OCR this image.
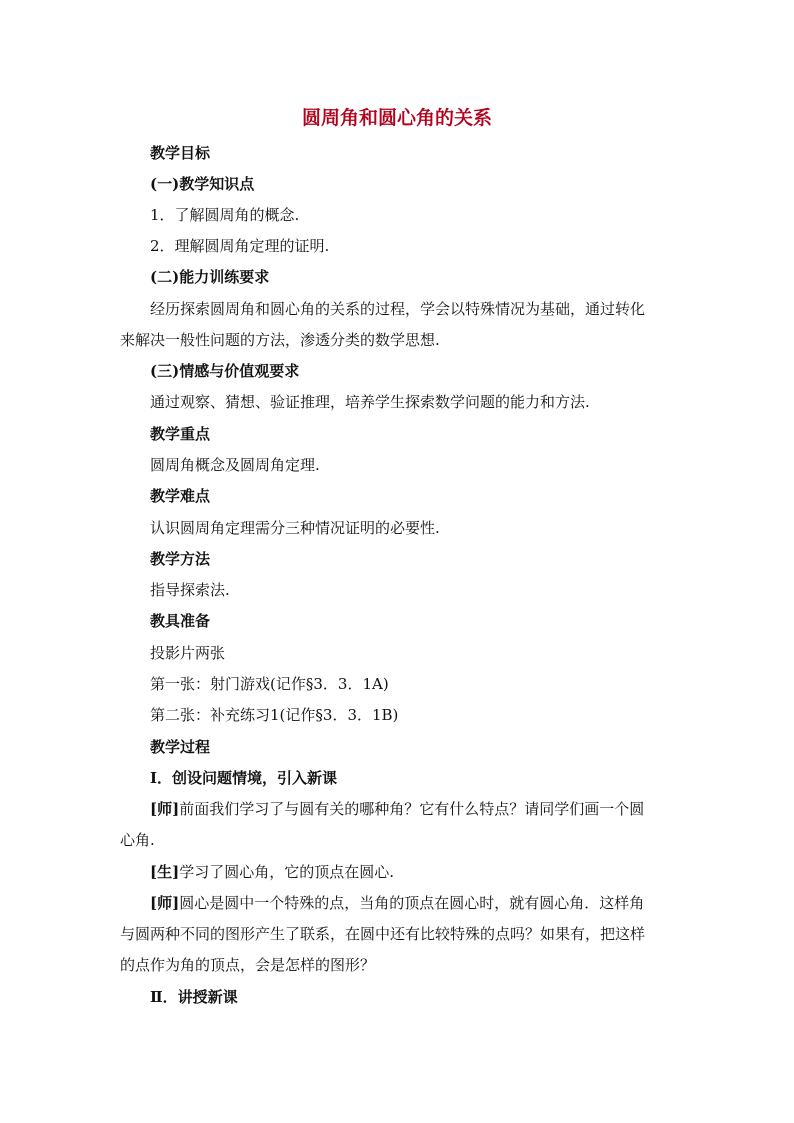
圆周角和圆心角的关系

教学目标

(一)教学知识点

1．了解圆周角的概念.

2．理解圆周角定理的证明.

(二)能力训练要求

经历探索圆周角和圆心角的关系的过程，学会以特殊情况为基础，通过转化

来解决一般性问题的方法，渗透分类的数学思想.

(三)情感与价值观要求

通过观察、猜想、验证推理，培养学生探索数学问题的能力和方法.

教学重点

圆周角概念及圆周角定理.

教学难点

认识圆周角定理需分三种情况证明的必要性.

教学方法

指导探索法.

教具准备

投影片两张

第一张：射门游戏(记作§3．3．1A)

第二张：补充练习1(记作§3．3．1B)

教学过程

Ⅰ．创设问题情境，引入新课

[师]前面我们学习了与圆有关的哪种角？它有什么特点？请同学们画一个圆

心角.

[生]学习了圆心角，它的顶点在圆心.

[师]圆心是圆中一个特殊的点，当角的顶点在圆心时，就有圆心角．这样角

与圆两种不同的图形产生了联系，在圆中还有比较特殊的点吗？如果有，把这样

的点作为角的顶点，会是怎样的图形？

Ⅱ．讲授新课
